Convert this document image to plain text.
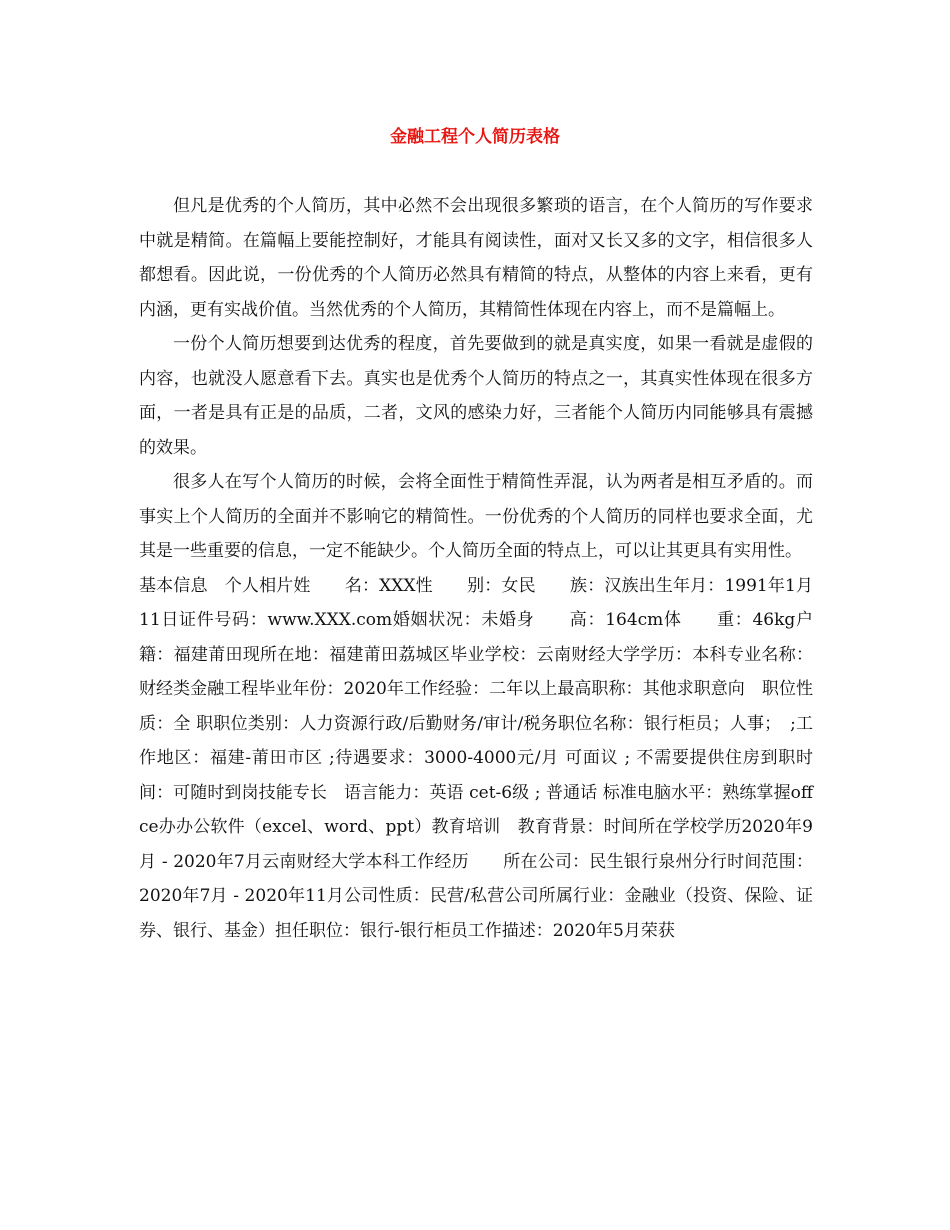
金融工程个人简历表格

但凡是优秀的个人简历，其中必然不会出现很多繁琐的语言，在个人简历的写作要求中就是精简。在篇幅上要能控制好，才能具有阅读性，面对又长又多的文字，相信很多人都想看。因此说，一份优秀的个人简历必然具有精简的特点，从整体的内容上来看，更有内涵，更有实战价值。当然优秀的个人简历，其精简性体现在内容上，而不是篇幅上。

一份个人简历想要到达优秀的程度，首先要做到的就是真实度，如果一看就是虚假的内容，也就没人愿意看下去。真实也是优秀个人简历的特点之一，其真实性体现在很多方面，一者是具有正是的品质，二者，文风的感染力好，三者能个人简历内同能够具有震撼的效果。

很多人在写个人简历的时候，会将全面性于精简性弄混，认为两者是相互矛盾的。而事实上个人简历的全面并不影响它的精简性。一份优秀的个人简历的同样也要求全面，尤其是一些重要的信息，一定不能缺少。个人简历全面的特点上，可以让其更具有实用性。

基本信息　个人相片姓　　名：XXX性　　别：女民　　族：汉族出生年月：1991年1月11日证件号码：www.XXX.com婚姻状况：未婚身　　高：164cm体　　重：46kg户　　籍：福建莆田现所在地：福建莆田荔城区毕业学校：云南财经大学学历：本科专业名称：财经类金融工程毕业年份：2020年工作经验：二年以上最高职称：其他求职意向　职位性质：全 职职位类别：人力资源行政/后勤财务/审计/税务职位名称：银行柜员；人事；　;工作地区：福建-莆田市区 ;待遇要求：3000-4000元/月 可面议 ; 不需要提供住房到职时间：可随时到岗技能专长　语言能力：英语 cet-6级 ; 普通话 标准电脑水平：熟练掌握offce办办公软件（excel、word、ppt）教育培训　教育背景：时间所在学校学历2020年9月 - 2020年7月云南财经大学本科工作经历　　所在公司：民生银行泉州分行时间范围：2020年7月 - 2020年11月公司性质：民营/私营公司所属行业：金融业（投资、保险、证券、银行、基金）担任职位：银行-银行柜员工作描述：2020年5月荣获
